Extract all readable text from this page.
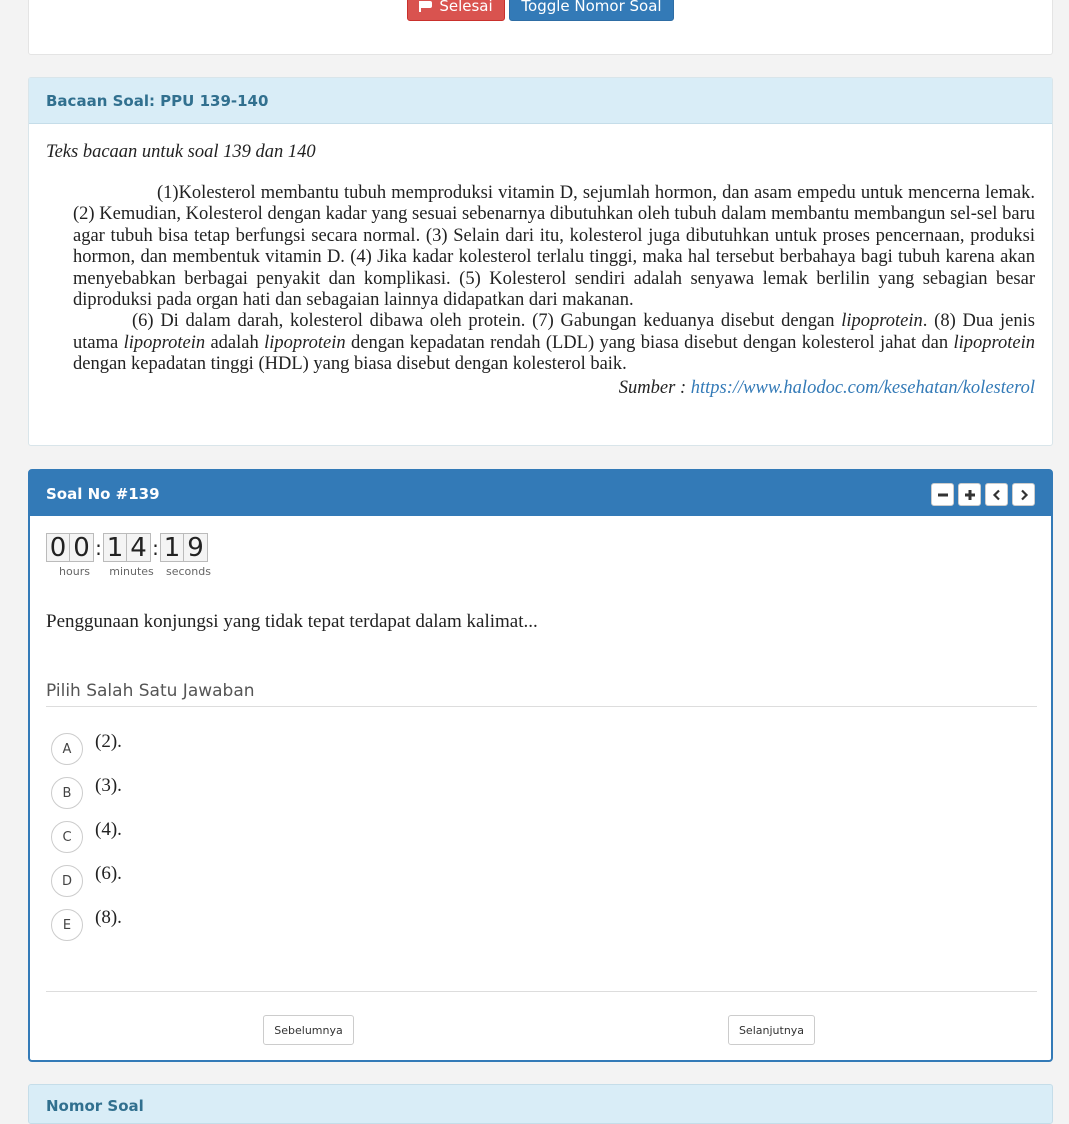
Selesai Toggle Nomor Soal
Bacaan Soal: PPU 139-140
Teks bacaan untuk soal 139 dan 140

(1)Kolesterol membantu tubuh memproduksi vitamin D, sejumlah hormon, dan asam empedu untuk mencerna lemak. (2) Kemudian, Kolesterol dengan kadar yang sesuai sebenarnya dibutuhkan oleh tubuh dalam membantu membangun sel-sel baru agar tubuh bisa tetap berfungsi secara normal. (3) Selain dari itu, kolesterol juga dibutuhkan untuk proses pencernaan, produksi hormon, dan membentuk vitamin D. (4) Jika kadar kolesterol terlalu tinggi, maka hal tersebut berbahaya bagi tubuh karena akan menyebabkan berbagai penyakit dan komplikasi. (5) Kolesterol sendiri adalah senyawa lemak berlilin yang sebagian besar diproduksi pada organ hati dan sebagaian lainnya didapatkan dari makanan.

(6) Di dalam darah, kolesterol dibawa oleh protein. (7) Gabungan keduanya disebut dengan lipoprotein. (8) Dua jenis utama lipoprotein adalah lipoprotein dengan kepadatan rendah (LDL) yang biasa disebut dengan kolesterol jahat dan lipoprotein dengan kepadatan tinggi (HDL) yang biasa disebut dengan kolesterol baik.

Sumber : https://www.halodoc.com/kesehatan/kolesterol
Soal No #139
0 0 : 1 4 : 1 9
hours	minutes	seconds
Penggunaan konjungsi yang tidak tepat terdapat dalam kalimat...
Pilih Salah Satu Jawaban
A	(2).
B	(3).
C	(4).
D	(6).
E	(8).
Sebelumnya	Selanjutnya
Nomor Soal
